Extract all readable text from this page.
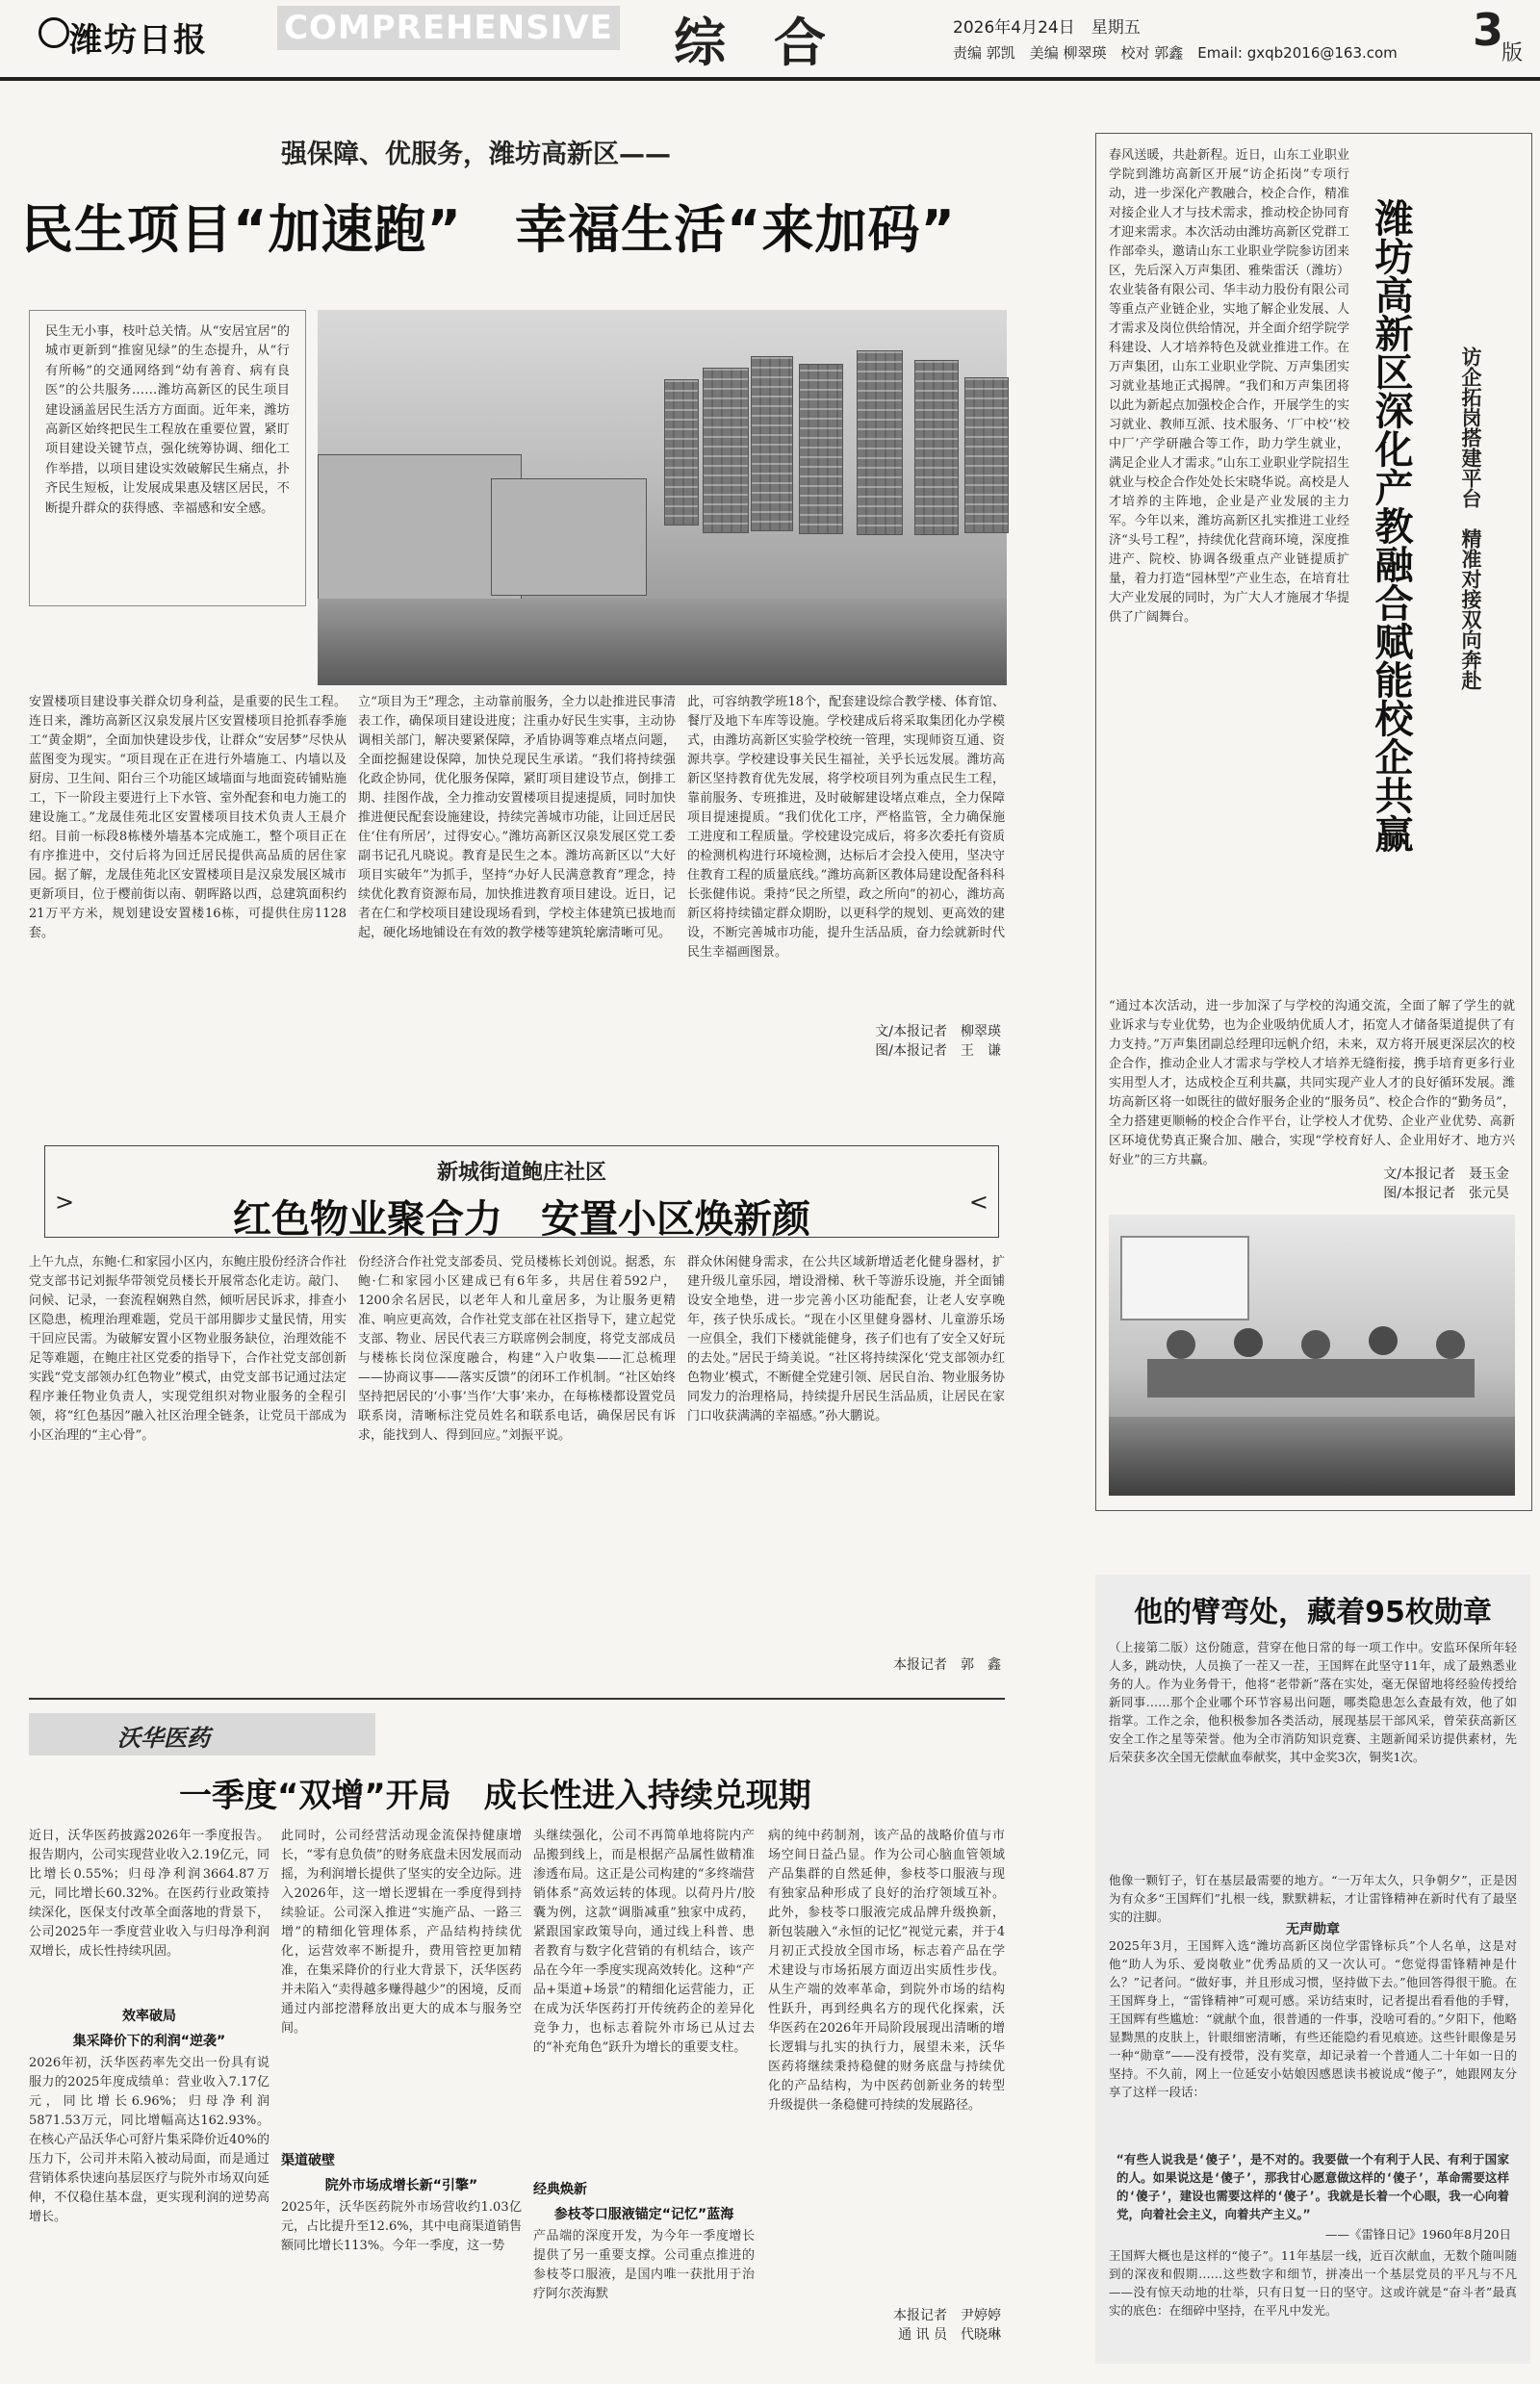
潍坊日报 COMPREHENSIVE 综合	2026年4月24日　星期五
责编 郭凯　美编 柳翠瑛　校对 郭鑫　Email: gxqb2016@163.com 3
版
强保障、优服务，潍坊高新区——
民生项目“加速跑”　幸福生活“来加码”
民生无小事，枝叶总关情。从“安居宜居”的城市更新到“推窗见绿”的生态提升，从“行有所畅”的交通网络到“幼有善育、病有良医”的公共服务……潍坊高新区的民生项目建设涵盖居民生活方方面面。近年来，潍坊高新区始终把民生工程放在重要位置，紧盯项目建设关键节点，强化统筹协调、细化工作举措，以项目建设实效破解民生痛点，扑齐民生短板，让发展成果惠及辖区居民，不断提升群众的获得感、幸福感和安全感。
安置楼项目建设事关群众切身利益，是重要的民生工程。连日来，潍坊高新区汉泉发展片区安置楼项目抢抓春季施工“黄金期”，全面加快建设步伐，让群众“安居梦”尽快从蓝图变为现实。“项目现在正在进行外墙施工、内墙以及厨房、卫生间、阳台三个功能区域墙面与地面瓷砖铺贴施工，下一阶段主要进行上下水管、室外配套和电力施工的建设施工。”龙晟佳苑北区安置楼项目技术负责人王晨介绍。目前一标段8栋楼外墙基本完成施工，整个项目正在有序推进中，交付后将为回迁居民提供高品质的居住家园。据了解，龙晟佳苑北区安置楼项目是汉泉发展区城市更新项目，位于樱前街以南、朝晖路以西，总建筑面积约21万平方米，规划建设安置楼16栋，可提供住房1128套。
立“项目为王”理念，主动靠前服务，全力以赴推进民事清表工作，确保项目建设进度；注重办好民生实事，主动协调相关部门，解决要紧保障，矛盾协调等难点堵点问题，全面挖掘建设保障，加快兑现民生承诺。“我们将持续强化政企协同，优化服务保障，紧盯项目建设节点，倒排工期、挂图作战，全力推动安置楼项目提速提质，同时加快推进便民配套设施建设，持续完善城市功能，让回迁居民住‘住有所居’，过得安心。”潍坊高新区汉泉发展区党工委副书记孔凡晓说。教育是民生之本。潍坊高新区以“大好项目实破年”为抓手，坚持“办好人民满意教育”理念，持续优化教育资源布局，加快推进教育项目建设。近日，记者在仁和学校项目建设现场看到，学校主体建筑已拔地而起，硬化场地铺设在有效的教学楼等建筑轮廓清晰可见。
此，可容纳教学班18个，配套建设综合教学楼、体育馆、餐厅及地下车库等设施。学校建成后将采取集团化办学模式，由潍坊高新区实验学校统一管理，实现师资互通、资源共享。学校建设事关民生福祉，关乎长远发展。潍坊高新区坚持教育优先发展，将学校项目列为重点民生工程，靠前服务、专班推进，及时破解建设堵点难点，全力保障项目提速提质。“我们优化工序，严格监管，全力确保施工进度和工程质量。学校建设完成后，将多次委托有资质的检测机构进行环境检测，达标后才会投入使用，坚决守住教育工程的质量底线。”潍坊高新区教体局建设配备科科长张健伟说。秉持“民之所望，政之所向”的初心，潍坊高新区将持续锚定群众期盼，以更科学的规划、更高效的建设，不断完善城市功能，提升生活品质，奋力绘就新时代民生幸福画图景。
文/本报记者　柳翠瑛
图/本报记者　王　谦
新城街道鲍庄社区
红色物业聚合力　安置小区焕新颜
>	<
上午九点，东鲍·仁和家园小区内，东鲍庄股份经济合作社党支部书记刘振华带领党员楼长开展常态化走访。敲门、问候、记录，一套流程娴熟自然，倾听居民诉求，排查小区隐患，梳理治理难题，党员干部用脚步丈量民情，用实干回应民需。为破解安置小区物业服务缺位，治理效能不足等难题，在鲍庄社区党委的指导下，合作社党支部创新实践“党支部领办红色物业”模式，由党支部书记通过法定程序兼任物业负责人，实现党组织对物业服务的全程引领，将“红色基因”融入社区治理全链条，让党员干部成为小区治理的“主心骨”。
份经济合作社党支部委员、党员楼栋长刘创说。据悉，东鲍·仁和家园小区建成已有6年多，共居住着592户，1200余名居民，以老年人和儿童居多，为让服务更精准、响应更高效，合作社党支部在社区指导下，建立起党支部、物业、居民代表三方联席例会制度，将党支部成员与楼栋长岗位深度融合，构建“入户收集——汇总梳理——协商议事——落实反馈”的闭环工作机制。“社区始终坚持把居民的‘小事’当作‘大事’来办，在每栋楼都设置党员联系岗，清晰标注党员姓名和联系电话，确保居民有诉求，能找到人、得到回应。”刘振平说。
群众休闲健身需求，在公共区域新增适老化健身器材，扩建升级儿童乐园，增设滑梯、秋千等游乐设施，并全面铺设安全地垫，进一步完善小区功能配套，让老人安享晚年，孩子快乐成长。“现在小区里健身器材、儿童游乐场一应俱全，我们下楼就能健身，孩子们也有了安全又好玩的去处。”居民于绮美说。“社区将持续深化‘党支部领办红色物业’模式，不断健全党建引领、居民自治、物业服务协同发力的治理格局，持续提升居民生活品质，让居民在家门口收获满满的幸福感。”孙大鹏说。
本报记者　郭　鑫
沃华医药
一季度“双增”开局　成长性进入持续兑现期
近日，沃华医药披露2026年一季度报告。报告期内，公司实现营业收入2.19亿元，同比增长0.55%；归母净利润3664.87万元，同比增长60.32%。在医药行业政策持续深化，医保支付改革全面落地的背景下，公司2025年一季度营业收入与归母净利润双增长，成长性持续巩固。
效率破局
集采降价下的利润“逆袭”
2026年初，沃华医药率先交出一份具有说服力的2025年度成绩单：营业收入7.17亿元，同比增长6.96%；归母净利润5871.53万元，同比增幅高达162.93%。在核心产品沃华心可舒片集采降价近40%的压力下，公司并未陷入被动局面，而是通过营销体系快速向基层医疗与院外市场双向延伸，不仅稳住基本盘，更实现利润的逆势高增长。
此同时，公司经营活动现金流保持健康增长，“零有息负债”的财务底盘未因发展而动摇，为利润增长提供了坚实的安全边际。进入2026年，这一增长逻辑在一季度得到持续验证。公司深入推进“实施产品、一路三增”的精细化管理体系，产品结构持续优化，运营效率不断提升，费用管控更加精准，在集采降价的行业大背景下，沃华医药并未陷入“卖得越多赚得越少”的困境，反而通过内部挖潜释放出更大的成本与服务空间。
渠道破壁
院外市场成增长新“引擎”
2025年，沃华医药院外市场营收约1.03亿元，占比提升至12.6%，其中电商渠道销售额同比增长113%。今年一季度，这一势
头继续强化，公司不再简单地将院内产品搬到线上，而是根据产品属性做精准渗透布局。这正是公司构建的“多终端营销体系”高效运转的体现。以荷丹片/胶囊为例，这款“调脂减重”独家中成药，紧跟国家政策导向，通过线上科普、患者教育与数字化营销的有机结合，该产品在今年一季度实现高效转化。这种“产品+渠道+场景”的精细化运营能力，正在成为沃华医药打开传统药企的差异化竞争力，也标志着院外市场已从过去的“补充角色”跃升为增长的重要支柱。
经典焕新
参枝苓口服液锚定“记忆”蓝海
产品端的深度开发，为今年一季度增长提供了另一重要支撑。公司重点推进的参枝苓口服液，是国内唯一获批用于治疗阿尔茨海默
病的纯中药制剂，该产品的战略价值与市场空间日益凸显。作为公司心脑血管领域产品集群的自然延伸，参枝苓口服液与现有独家品种形成了良好的治疗领域互补。此外，参枝苓口服液完成品牌升级换新，新包装融入“永恒的记忆”视觉元素，并于4月初正式投放全国市场，标志着产品在学术建设与市场拓展方面迈出实质性步伐。从生产端的效率革命，到院外市场的结构性跃升，再到经典名方的现代化探索，沃华医药在2026年开局阶段展现出清晰的增长逻辑与扎实的执行力，展望未来，沃华医药将继续秉持稳健的财务底盘与持续优化的产品结构，为中医药创新业务的转型升级提供一条稳健可持续的发展路径。
本报记者　尹婷婷
通 讯 员　代晓琳
春风送暖，共赴新程。近日，山东工业职业学院到潍坊高新区开展“访企拓岗”专项行动，进一步深化产教融合，校企合作，精准对接企业人才与技术需求，推动校企协同育才迎来需求。本次活动由潍坊高新区党群工作部牵头，邀请山东工业职业学院参访团来区，先后深入万声集团、雅柴雷沃（潍坊）农业装备有限公司、华丰动力股份有限公司等重点产业链企业，实地了解企业发展、人才需求及岗位供给情况，并全面介绍学院学科建设、人才培养特色及就业推进工作。在万声集团，山东工业职业学院、万声集团实习就业基地正式揭牌。“我们和万声集团将以此为新起点加强校企合作，开展学生的实习就业、教师互派、技术服务、‘厂中校’‘校中厂’产学研融合等工作，助力学生就业，满足企业人才需求。”山东工业职业学院招生就业与校企合作处处长宋晓华说。高校是人才培养的主阵地，企业是产业发展的主力军。今年以来，潍坊高新区扎实推进工业经济“头号工程”，持续优化营商环境，深度推进产、院校、协调各级重点产业链提质扩量，着力打造“园林型”产业生态，在培育壮大产业发展的同时，为广大人才施展才华提供了广阔舞台。	潍坊高新区深化产教融合赋能校企共赢 访企拓岗搭建平台　精准对接双向奔赴
“通过本次活动，进一步加深了与学校的沟通交流，全面了解了学生的就业诉求与专业优势，也为企业吸纳优质人才，拓宽人才储备渠道提供了有力支持。”万声集团副总经理印远帆介绍，未来，双方将开展更深层次的校企合作，推动企业人才需求与学校人才培养无缝衔接，携手培育更多行业实用型人才，达成校企互利共赢，共同实现产业人才的良好循环发展。潍坊高新区将一如既往的做好服务企业的“服务员”、校企合作的“勤务员”，全力搭建更顺畅的校企合作平台，让学校人才优势、企业产业优势、高新区环境优势真正聚合加、融合，实现“学校育好人、企业用好才、地方兴好业”的三方共赢。
文/本报记者　聂玉金
图/本报记者　张元昊
他的臂弯处，藏着95枚勋章
（上接第二版）这份随意，营穿在他日常的每一项工作中。安监环保所年轻人多，跳动快，人员换了一茬又一茬，王国辉在此坚守11年，成了最熟悉业务的人。作为业务骨干，他将“老带新”落在实处，毫无保留地将经验传授给新同事……那个企业哪个环节容易出问题，哪类隐患怎么查最有效，他了如指掌。工作之余，他积极参加各类活动，展现基层干部风采，曾荣获高新区安全工作之星等荣誉。他为全市消防知识竞赛、主题新闻采访提供素材，先后荣获多次全国无偿献血奉献奖，其中金奖3次，铜奖1次。
他像一颗钉子，钉在基层最需要的地方。“一万年太久，只争朝夕”，正是因为有众多“王国辉们”扎根一线，默默耕耘，才让雷锋精神在新时代有了最坚实的注脚。
无声勋章
2025年3月，王国辉入选“潍坊高新区岗位学雷锋标兵”个人名单，这是对他“助人为乐、爱岗敬业”优秀品质的又一次认可。“您觉得雷锋精神是什么？”记者问。“做好事，并且形成习惯，坚持做下去。”他回答得很干脆。在王国辉身上，“雷锋精神”可观可感。采访结束时，记者提出看看他的手臂，王国辉有些尴尬：“就献个血，很普通的一件事，没啥可看的。”夕阳下，他略显黝黑的皮肤上，针眼细密清晰，有些还能隐约看见痕迹。这些针眼像是另一种“勋章”——没有授带，没有奖章，却记录着一个普通人二十年如一日的坚持。不久前，网上一位延安小姑娘因感恩读书被说成“傻子”，她跟网友分享了这样一段话：
“有些人说我是‘傻子’，是不对的。我要做一个有利于人民、有利于国家的人。如果说这是‘傻子’，那我甘心愿意做这样的‘傻子’，革命需要这样的‘傻子’，建设也需要这样的‘傻子’。我就是长着一个心眼，我一心向着党，向着社会主义，向着共产主义。”
——《雷锋日记》1960年8月20日
王国辉大概也是这样的“傻子”。11年基层一线，近百次献血，无数个随叫随到的深夜和假期……这些数字和细节，拼凑出一个基层党员的平凡与不凡——没有惊天动地的壮举，只有日复一日的坚守。这或许就是“奋斗者”最真实的底色：在细碎中坚持，在平凡中发光。
